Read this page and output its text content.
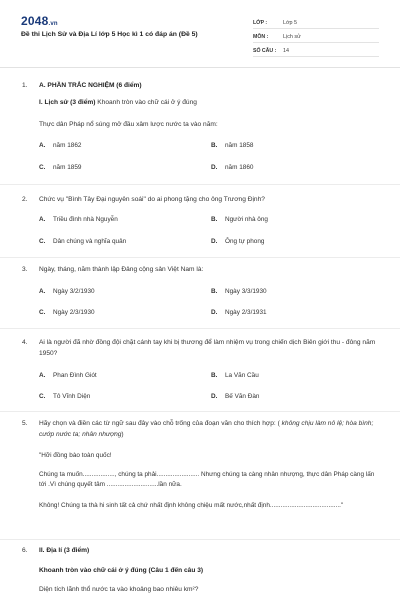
2048.vn
Đề thi Lịch Sử và Địa Lí lớp 5 Học kì 1 có đáp án (Đề 5)
LỚP :	Lớp 5
MÔN :	Lịch sử
SỐ CÂU :	14
1. A. PHẦN TRẮC NGHIỆM (6 điểm)
I. Lịch sử (3 điểm) Khoanh tròn vào chữ cái ở ý đúng
Thực dân Pháp nổ súng mở đầu xâm lược nước ta vào năm:
A. năm 1862	B. năm 1858
C. năm 1859	D. năm 1860
2. Chức vụ "Bình Tây Đại nguyên soái" do ai phong tặng cho ông Trương Định?
A. Triều đình nhà Nguyễn	B. Người nhà ông
C. Dân chúng và nghĩa quân	D. Ông tự phong
3. Ngày, tháng, năm thành lập Đảng cộng sản Việt Nam là:
A. Ngày 3/2/1930	B. Ngày 3/3/1930
C. Ngày 2/3/1930	D. Ngày 2/3/1931
4. Ai là người đã nhờ đồng đội chặt cánh tay khi bị thương để làm nhiệm vụ trong chiến dịch Biên giới thu - đông năm 1950?
A. Phan Đình Giót	B. La Văn Cầu
C. Tô Vĩnh Diện	D. Bế Văn Đàn
5. Hãy chọn và điền các từ ngữ sau đây vào chỗ trống của đoạn văn cho thích hợp: ( không chịu làm nô lệ; hòa bình; cướp nước ta; nhân nhượng)
"Hỡi đồng bào toàn quốc!
Chúng ta muốn.................., chúng ta phải........................ Nhưng chúng ta càng nhân nhượng, thực dân Pháp càng lấn tới .Vì chúng quyết tâm .............................lần nữa.
Không! Chúng ta thà hi sinh tất cả chứ nhất định không chiệu mất nước,nhất định........................................"
6. II. Địa lí (3 điểm)
Khoanh tròn vào chữ cái ở ý đúng (Câu 1 đến câu 3)
Diện tích lãnh thổ nước ta vào khoảng bao nhiêu km²?
